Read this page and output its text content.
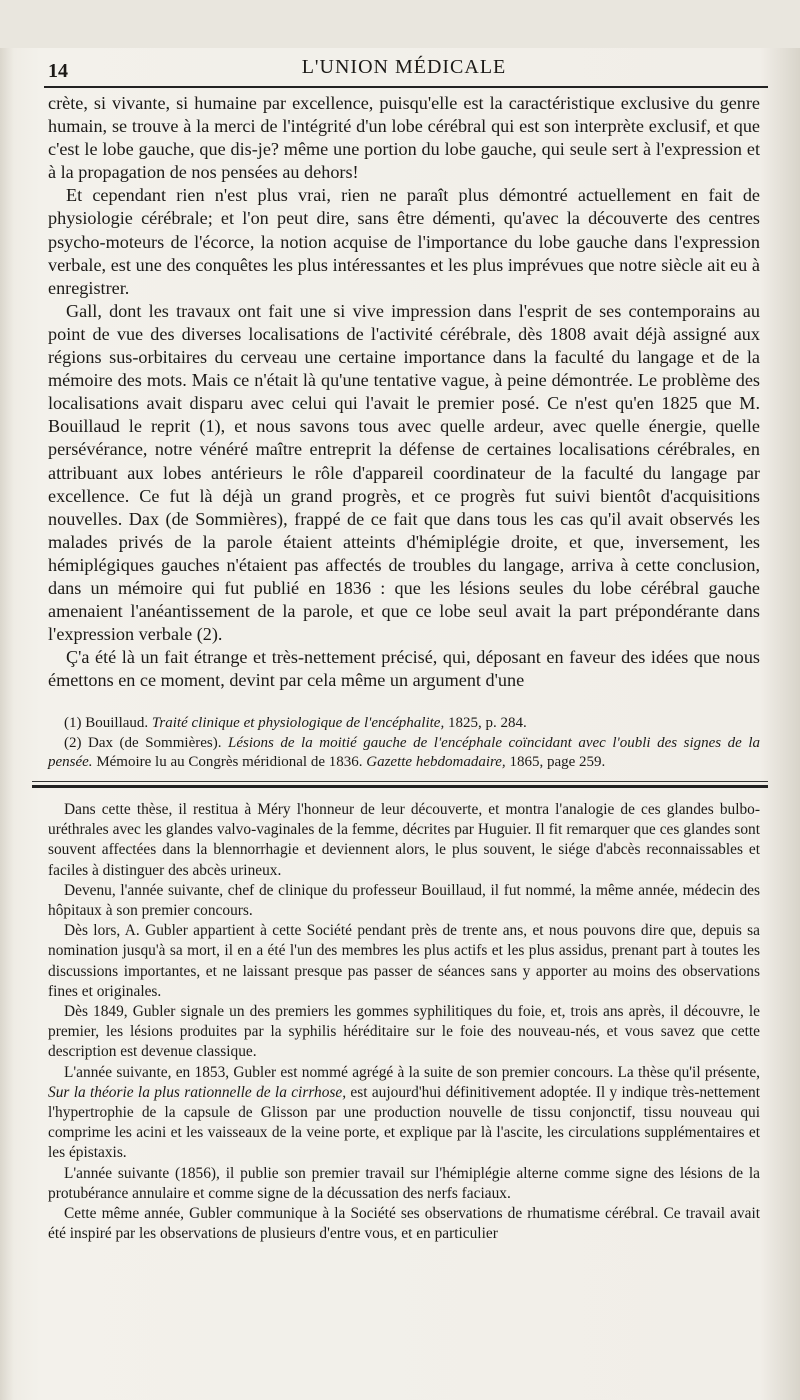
14	L'UNION MÉDICALE

crète, si vivante, si humaine par excellence, puisqu'elle est la caractéristique exclusive du genre humain, se trouve à la merci de l'intégrité d'un lobe cérébral qui est son interprète exclusif, et que c'est le lobe gauche, que dis-je? même une portion du lobe gauche, qui seule sert à l'expression et à la propagation de nos pensées au dehors!

Et cependant rien n'est plus vrai, rien ne paraît plus démontré actuellement en fait de physiologie cérébrale; et l'on peut dire, sans être démenti, qu'avec la découverte des centres psycho-moteurs de l'écorce, la notion acquise de l'importance du lobe gauche dans l'expression verbale, est une des conquêtes les plus intéressantes et les plus imprévues que notre siècle ait eu à enregistrer.

Gall, dont les travaux ont fait une si vive impression dans l'esprit de ses contemporains au point de vue des diverses localisations de l'activité cérébrale, dès 1808 avait déjà assigné aux régions sus-orbitaires du cerveau une certaine importance dans la faculté du langage et de la mémoire des mots. Mais ce n'était là qu'une tentative vague, à peine démontrée. Le problème des localisations avait disparu avec celui qui l'avait le premier posé. Ce n'est qu'en 1825 que M. Bouillaud le reprit (1), et nous savons tous avec quelle ardeur, avec quelle énergie, quelle persévérance, notre vénéré maître entreprit la défense de certaines localisations cérébrales, en attribuant aux lobes antérieurs le rôle d'appareil coordinateur de la faculté du langage par excellence. Ce fut là déjà un grand progrès, et ce progrès fut suivi bientôt d'acquisitions nouvelles. Dax (de Sommières), frappé de ce fait que dans tous les cas qu'il avait observés les malades privés de la parole étaient atteints d'hémiplégie droite, et que, inversement, les hémiplégiques gauches n'étaient pas affectés de troubles du langage, arriva à cette conclusion, dans un mémoire qui fut publié en 1836 : que les lésions seules du lobe cérébral gauche amenaient l'anéantissement de la parole, et que ce lobe seul avait la part prépondérante dans l'expression verbale (2).

Ç'a été là un fait étrange et très-nettement précisé, qui, déposant en faveur des idées que nous émettons en ce moment, devint par cela même un argument d'une

(1) Bouillaud. Traité clinique et physiologique de l'encéphalite, 1825, p. 284.

(2) Dax (de Sommières). Lésions de la moitié gauche de l'encéphale coïncidant avec l'oubli des signes de la pensée. Mémoire lu au Congrès méridional de 1836. Gazette hebdomadaire, 1865, page 259.

Dans cette thèse, il restitua à Méry l'honneur de leur découverte, et montra l'analogie de ces glandes bulbo-uréthrales avec les glandes valvo-vaginales de la femme, décrites par Huguier. Il fit remarquer que ces glandes sont souvent affectées dans la blennorrhagie et deviennent alors, le plus souvent, le siége d'abcès reconnaissables et faciles à distinguer des abcès urineux.

Devenu, l'année suivante, chef de clinique du professeur Bouillaud, il fut nommé, la même année, médecin des hôpitaux à son premier concours.

Dès lors, A. Gubler appartient à cette Société pendant près de trente ans, et nous pouvons dire que, depuis sa nomination jusqu'à sa mort, il en a été l'un des membres les plus actifs et les plus assidus, prenant part à toutes les discussions importantes, et ne laissant presque pas passer de séances sans y apporter au moins des observations fines et originales.

Dès 1849, Gubler signale un des premiers les gommes syphilitiques du foie, et, trois ans après, il découvre, le premier, les lésions produites par la syphilis héréditaire sur le foie des nouveau-nés, et vous savez que cette description est devenue classique.

L'année suivante, en 1853, Gubler est nommé agrégé à la suite de son premier concours. La thèse qu'il présente, Sur la théorie la plus rationnelle de la cirrhose, est aujourd'hui définitivement adoptée. Il y indique très-nettement l'hypertrophie de la capsule de Glisson par une production nouvelle de tissu conjonctif, tissu nouveau qui comprime les acini et les vaisseaux de la veine porte, et explique par là l'ascite, les circulations supplémentaires et les épistaxis.

L'année suivante (1856), il publie son premier travail sur l'hémiplégie alterne comme signe des lésions de la protubérance annulaire et comme signe de la décussation des nerfs faciaux.

Cette même année, Gubler communique à la Société ses observations de rhumatisme cérébral. Ce travail avait été inspiré par les observations de plusieurs d'entre vous, et en particulier
